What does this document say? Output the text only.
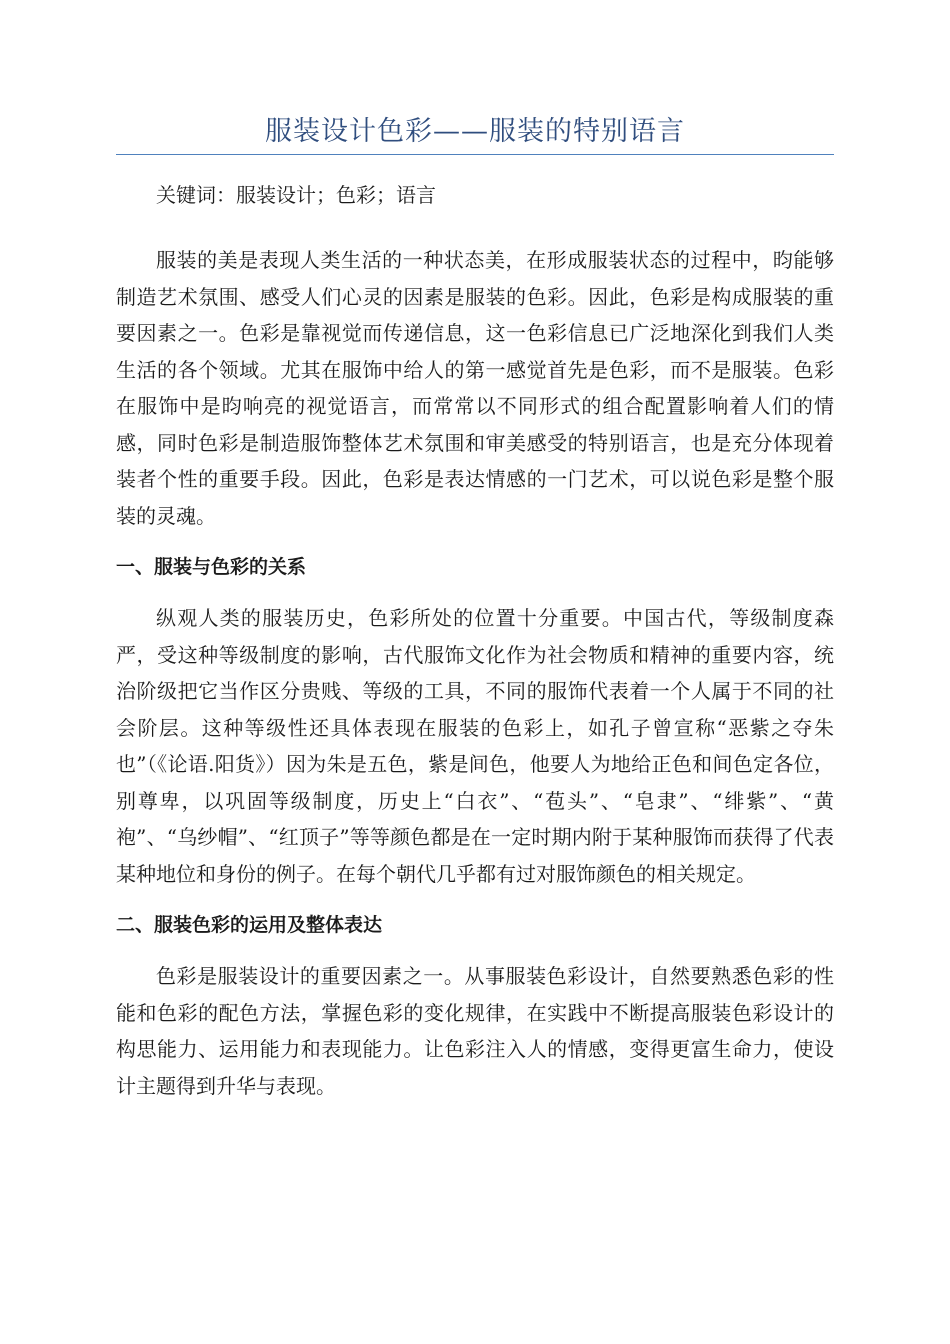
服装设计色彩——服装的特别语言

关键词：服装设计；色彩；语言

服装的美是表现人类生活的一种状态美，在形成服装状态的过程中，昀能够制造艺术氛围、感受人们心灵的因素是服装的色彩。因此，色彩是构成服装的重要因素之一。色彩是靠视觉而传递信息，这一色彩信息已广泛地深化到我们人类生活的各个领域。尤其在服饰中给人的第一感觉首先是色彩，而不是服装。色彩在服饰中是昀响亮的视觉语言，而常常以不同形式的组合配置影响着人们的情感，同时色彩是制造服饰整体艺术氛围和审美感受的特别语言，也是充分体现着装者个性的重要手段。因此，色彩是表达情感的一门艺术，可以说色彩是整个服装的灵魂。

一、服装与色彩的关系

纵观人类的服装历史，色彩所处的位置十分重要。中国古代，等级制度森严，受这种等级制度的影响，古代服饰文化作为社会物质和精神的重要内容，统治阶级把它当作区分贵贱、等级的工具，不同的服饰代表着一个人属于不同的社会阶层。这种等级性还具体表现在服装的色彩上，如孔子曾宣称“恶紫之夺朱也”（《论语.阳货》）因为朱是五色，紫是间色，他要人为地给正色和间色定各位，别尊卑，以巩固等级制度，历史上“白衣”、“苞头”、“皂隶”、“绯紫”、“黄袍”、“乌纱帽”、“红顶子”等等颜色都是在一定时期内附于某种服饰而获得了代表某种地位和身份的例子。在每个朝代几乎都有过对服饰颜色的相关规定。

二、服装色彩的运用及整体表达

色彩是服装设计的重要因素之一。从事服装色彩设计，自然要熟悉色彩的性能和色彩的配色方法，掌握色彩的变化规律，在实践中不断提高服装色彩设计的构思能力、运用能力和表现能力。让色彩注入人的情感，变得更富生命力，使设计主题得到升华与表现。
